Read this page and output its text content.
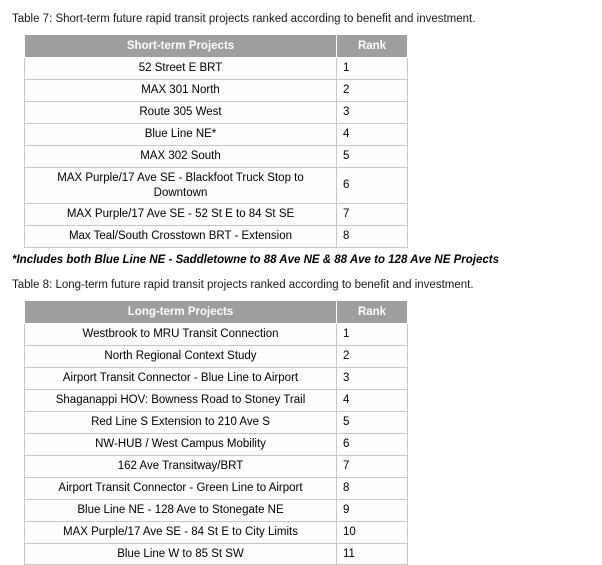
Table 7: Short-term future rapid transit projects ranked according to benefit and investment.
Short-term Projects	Rank
52 Street E BRT	1
MAX 301 North	2
Route 305 West	3
Blue Line NE*	4
MAX 302 South	5
MAX Purple/17 Ave SE - Blackfoot Truck Stop to Downtown	6
MAX Purple/17 Ave SE - 52 St E to 84 St SE	7
Max Teal/South Crosstown BRT - Extension	8
*Includes both Blue Line NE - Saddletowne to 88 Ave NE & 88 Ave to 128 Ave NE Projects
Table 8: Long-term future rapid transit projects ranked according to benefit and investment.
Long-term Projects	Rank
Westbrook to MRU Transit Connection	1
North Regional Context Study	2
Airport Transit Connector - Blue Line to Airport	3
Shaganappi HOV: Bowness Road to Stoney Trail	4
Red Line S Extension to 210 Ave S	5
NW-HUB / West Campus Mobility	6
162 Ave Transitway/BRT	7
Airport Transit Connector - Green Line to Airport	8
Blue Line NE - 128 Ave to Stonegate NE	9
MAX Purple/17 Ave SE - 84 St E to City Limits	10
Blue Line W to 85 St SW	11
